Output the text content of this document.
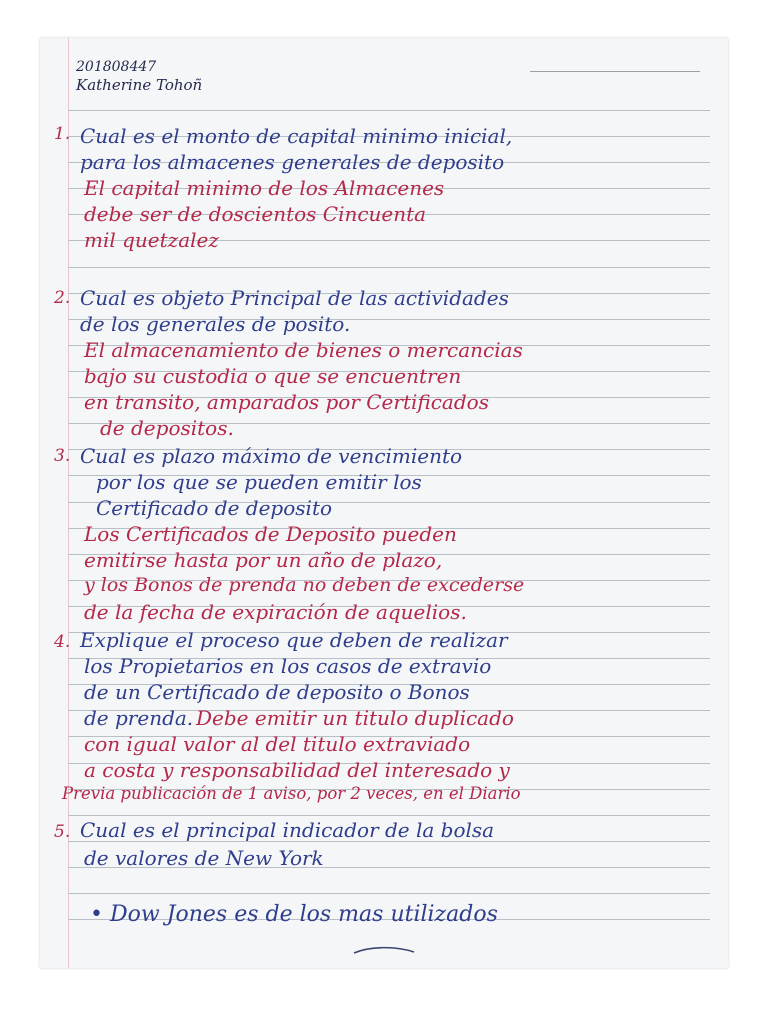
201808447
Katherine Tohoñ
1. Cual es el monto de capital minimo inicial,
para los almacenes generales de deposito
El capital minimo de los Almacenes
debe ser de doscientos Cincuenta
mil quetzalez
2. Cual es objeto Principal de las actividades
de los generales de posito.
El almacenamiento de bienes o mercancias
bajo su custodia o que se encuentren
en transito, amparados por Certificados
de depositos.
3. Cual es plazo máximo de vencimiento
por los que se pueden emitir los
Certificado de deposito
Los Certificados de Deposito pueden
emitirse hasta por un año de plazo,
y los Bonos de prenda no deben de excederse
de la fecha de expiración de aquelios.
4. Explique el proceso que deben de realizar
los Propietarios en los casos de extravio
de un Certificado de deposito o Bonos
de prenda. Debe emitir un titulo duplicado
con igual valor al del titulo extraviado
a costa y responsabilidad del interesado y
Previa publicación de 1 aviso, por 2 veces, en el Diario
5. Cual es el principal indicador de la bolsa
de valores de New York
• Dow Jones es de los mas utilizados
